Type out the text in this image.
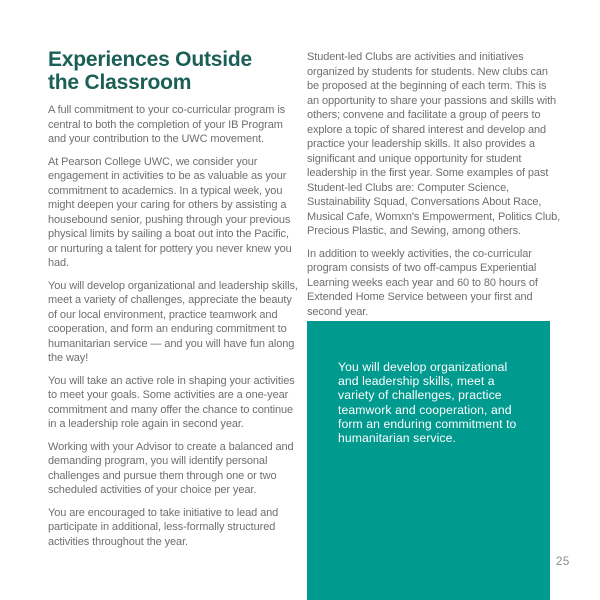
Experiences Outside the Classroom

A full commitment to your co-curricular program is central to both the completion of your IB Program and your contribution to the UWC movement.

At Pearson College UWC, we consider your engagement in activities to be as valuable as your commitment to academics. In a typical week, you might deepen your caring for others by assisting a housebound senior, pushing through your previous physical limits by sailing a boat out into the Pacific, or nurturing a talent for pottery you never knew you had.

You will develop organizational and leadership skills, meet a variety of challenges, appreciate the beauty of our local environment, practice teamwork and cooperation, and form an enduring commitment to humanitarian service — and you will have fun along the way!

You will take an active role in shaping your activities to meet your goals. Some activities are a one-year commitment and many offer the chance to continue in a leadership role again in second year.

Working with your Advisor to create a balanced and demanding program, you will identify personal challenges and pursue them through one or two scheduled activities of your choice per year.

You are encouraged to take initiative to lead and participate in additional, less-formally structured activities throughout the year.

Student-led Clubs are activities and initiatives organized by students for students. New clubs can be proposed at the beginning of each term. This is an opportunity to share your passions and skills with others; convene and facilitate a group of peers to explore a topic of shared interest and develop and practice your leadership skills. It also provides a significant and unique opportunity for student leadership in the first year. Some examples of past Student-led Clubs are: Computer Science, Sustainability Squad, Conversations About Race, Musical Cafe, Womxn's Empowerment, Politics Club, Precious Plastic, and Sewing, among others.

In addition to weekly activities, the co-curricular program consists of two off-campus Experiential Learning weeks each year and 60 to 80 hours of Extended Home Service between your first and second year.

You will develop organizational and leadership skills, meet a variety of challenges, practice teamwork and cooperation, and form an enduring commitment to humanitarian service.

25
